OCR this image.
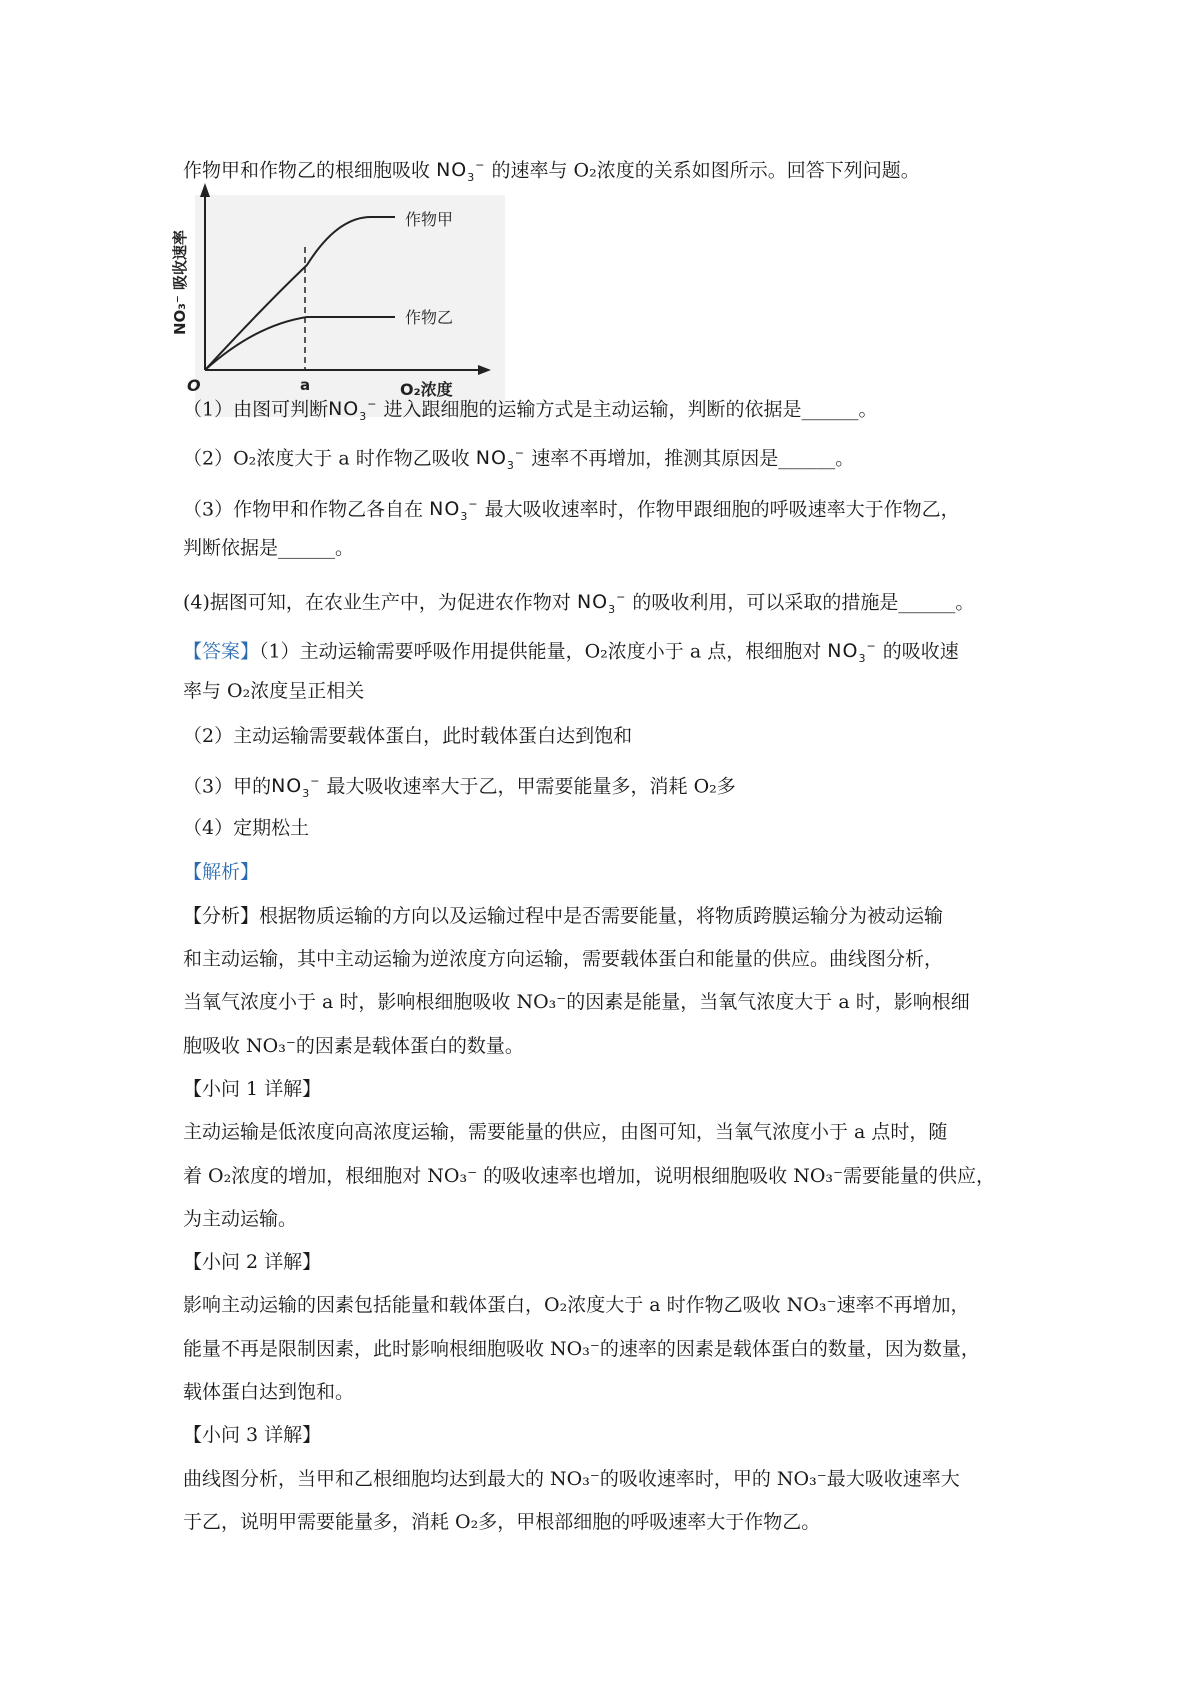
作物甲和作物乙的根细胞吸收 $NO_3^-$ 的速率与 O₂浓度的关系如图所示。回答下列问题。

作物甲
作物乙
O	a	O₂浓度
NO₃⁻ 吸收速率

（1）由图可判断$NO_3^-$ 进入跟细胞的运输方式是主动运输，判断的依据是______。

（2）O₂浓度大于 a 时作物乙吸收 $NO_3^-$ 速率不再增加，推测其原因是______。

（3）作物甲和作物乙各自在 $NO_3^-$ 最大吸收速率时，作物甲跟细胞的呼吸速率大于作物乙，

判断依据是______。

(4)据图可知，在农业生产中，为促进农作物对 $NO_3^-$ 的吸收利用，可以采取的措施是______。

【答案】（1）主动运输需要呼吸作用提供能量，O₂浓度小于 a 点，根细胞对 $NO_3^-$ 的吸收速

率与 O₂浓度呈正相关

（2）主动运输需要载体蛋白，此时载体蛋白达到饱和

（3）甲的$NO_3^-$ 最大吸收速率大于乙，甲需要能量多，消耗 O₂多

（4）定期松土

【解析】

【分析】根据物质运输的方向以及运输过程中是否需要能量，将物质跨膜运输分为被动运输

和主动运输，其中主动运输为逆浓度方向运输，需要载体蛋白和能量的供应。曲线图分析，

当氧气浓度小于 a 时，影响根细胞吸收 NO₃⁻的因素是能量，当氧气浓度大于 a 时，影响根细

胞吸收 NO₃⁻的因素是载体蛋白的数量。

【小问 1 详解】

主动运输是低浓度向高浓度运输，需要能量的供应，由图可知，当氧气浓度小于 a 点时，随

着 O₂浓度的增加，根细胞对 NO₃⁻ 的吸收速率也增加，说明根细胞吸收 NO₃⁻需要能量的供应，

为主动运输。

【小问 2 详解】

影响主动运输的因素包括能量和载体蛋白，O₂浓度大于 a 时作物乙吸收 NO₃⁻速率不再增加，

能量不再是限制因素，此时影响根细胞吸收 NO₃⁻的速率的因素是载体蛋白的数量，因为数量，

载体蛋白达到饱和。

【小问 3 详解】

曲线图分析，当甲和乙根细胞均达到最大的 NO₃⁻的吸收速率时，甲的 NO₃⁻最大吸收速率大

于乙，说明甲需要能量多，消耗 O₂多，甲根部细胞的呼吸速率大于作物乙。
